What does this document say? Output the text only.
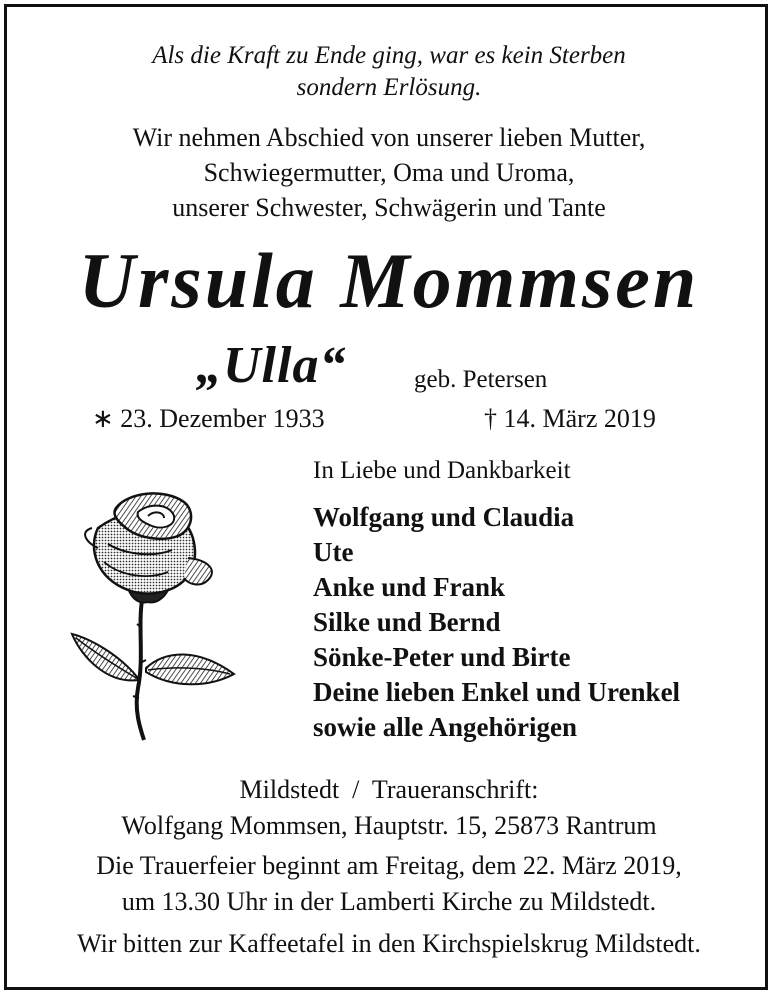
Als die Kraft zu Ende ging, war es kein Sterben
sondern Erlösung.
Wir nehmen Abschied von unserer lieben Mutter,
Schwiegermutter, Oma und Uroma,
unserer Schwester, Schwägerin und Tante
Ursula Mommsen
„Ulla“	geb. Petersen
∗ 23. Dezember 1933	† 14. März 2019
In Liebe und Dankbarkeit
Wolfgang und Claudia
Ute
Anke und Frank
Silke und Bernd
Sönke-Peter und Birte
Deine lieben Enkel und Urenkel
sowie alle Angehörigen
Mildstedt  /  Traueranschrift:
Wolfgang Mommsen, Hauptstr. 15, 25873 Rantrum
Die Trauerfeier beginnt am Freitag, dem 22. März 2019,
um 13.30 Uhr in der Lamberti Kirche zu Mildstedt.
Wir bitten zur Kaffeetafel in den Kirchspielskrug Mildstedt.
